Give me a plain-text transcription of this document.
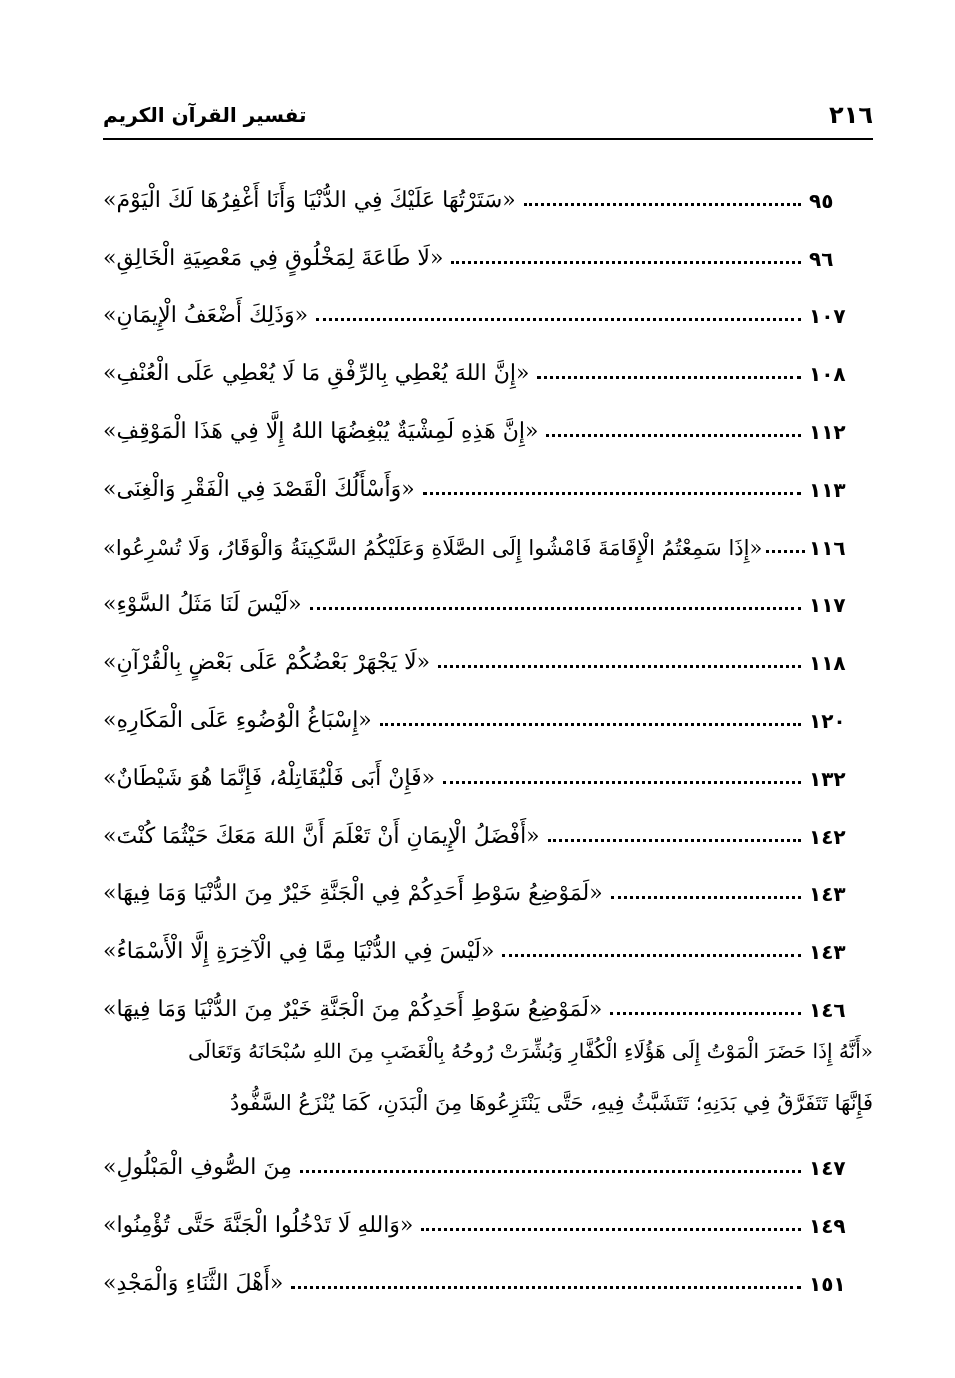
٢١٦
تفسير القرآن الكريم
«سَتَرْتُهَا عَلَيْكَ فِي الدُّنْيَا وَأَنَا أَغْفِرُهَا لَكَ الْيَوْمَ»	٩٥
«لَا طَاعَةَ لِمَخْلُوقٍ فِي مَعْصِيَةِ الْخَالِقِ»	٩٦
«وَذَلِكَ أَضْعَفُ الْإِيمَانِ»	١٠٧
«إِنَّ اللهَ يُعْطِي بِالرِّفْقِ مَا لَا يُعْطِي عَلَى الْعُنْفِ»	١٠٨
«إِنَّ هَذِهِ لَمِشْيَةٌ يُبْغِضُهَا اللهُ إِلَّا فِي هَذَا الْمَوْقِفِ»	١١٢
«وَأَسْأَلُكَ الْقَصْدَ فِي الْفَقْرِ وَالْغِنَى»	١١٣
«إِذَا سَمِعْتُمُ الْإِقَامَةَ فَامْشُوا إِلَى الصَّلَاةِ وَعَلَيْكُمُ السَّكِينَةُ وَالْوَقَارُ، وَلَا تُسْرِعُوا» ١١٦
«لَيْسَ لَنَا مَثَلُ السَّوْءِ»	١١٧
«لَا يَجْهَرْ بَعْضُكُمْ عَلَى بَعْضٍ بِالْقُرْآنِ»	١١٨
«إِسْبَاغُ الْوُضُوءِ عَلَى الْمَكَارِهِ»	١٢٠
«فَإِنْ أَبَى فَلْيُقَاتِلْهُ، فَإِنَّمَا هُوَ شَيْطَانٌ»	١٣٢
«أَفْضَلُ الْإِيمَانِ أَنْ تَعْلَمَ أَنَّ اللهَ مَعَكَ حَيْثُمَا كُنْتَ»	١٤٢
«لَمَوْضِعُ سَوْطِ أَحَدِكُمْ فِي الْجَنَّةِ خَيْرٌ مِنَ الدُّنْيَا وَمَا فِيهَا»	١٤٣
«لَيْسَ فِي الدُّنْيَا مِمَّا فِي الْآخِرَةِ إِلَّا الْأَسْمَاءُ»	١٤٣
«لَمَوْضِعُ سَوْطِ أَحَدِكُمْ مِنَ الْجَنَّةِ خَيْرٌ مِنَ الدُّنْيَا وَمَا فِيهَا»	١٤٦
«أَنَّهُ إِذَا حَضَرَ الْمَوْتُ إِلَى هَؤُلَاءِ الْكُفَّارِ وَبُشِّرَتْ رُوحُهُ بِالْغَضَبِ مِنَ اللهِ سُبْحَانَهُ وَتَعَالَى
فَإِنَّهَا تَتَفَرَّقُ فِي بَدَنِهِ؛ تَتَشَبَّثُ فِيهِ، حَتَّى يَنْتَزِعُوهَا مِنَ الْبَدَنِ، كَمَا يُنْزَعُ السَّفُّودُ
مِنَ الصُّوفِ الْمَبْلُولِ»	١٤٧
«وَاللهِ لَا تَدْخُلُوا الْجَنَّةَ حَتَّى تُؤْمِنُوا»	١٤٩
«أَهْلَ الثَّنَاءِ وَالْمَجْدِ»	١٥١
